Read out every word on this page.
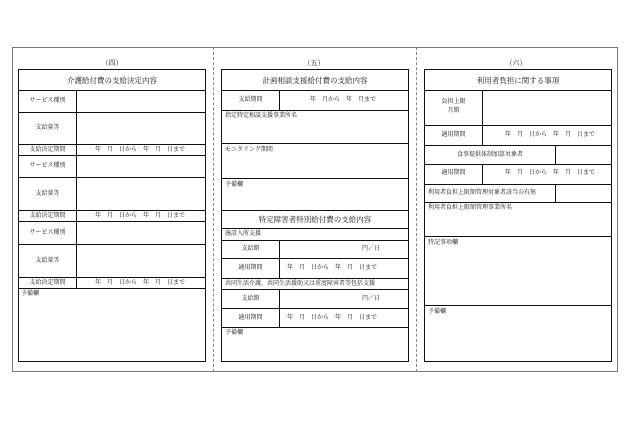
（四）	（五）	（六）
介護給付費の支給決定内容
サービス種別
支給量等
支給決定期間	年　月　日から　年　月　日まで
サービス種別
支給量等
支給決定期間	年　月　日から　年　月　日まで
サービス種別
支給量等
支給決定期間	年　月　日から　年　月　日まで
予備欄
計画相談支援給付費の支給内容
支給期間	年　月から　年　月まで
指定特定相談支援事業所名
モニタリング期間
予備欄
特定障害者特別給付費の支給内容
施設入所支援
支給額	円／日
適用期間	年　月　日から　年　月　日まで
共同生活介護、共同生活援助又は重度障害者等包括支援
支給額	円／日
適用期間	年　月　日から　年　月　日まで
予備欄
利用者負担に関する事項
負担上限
月額
適用期間	年　月　日から　年　月　日まで
食事提供体制加算対象者
適用期間	年　月　日から　年　月　日まで
利用者負担上限額管理対象者該当の有無
利用者負担上限額管理事業所名
特記事項欄
予備欄
